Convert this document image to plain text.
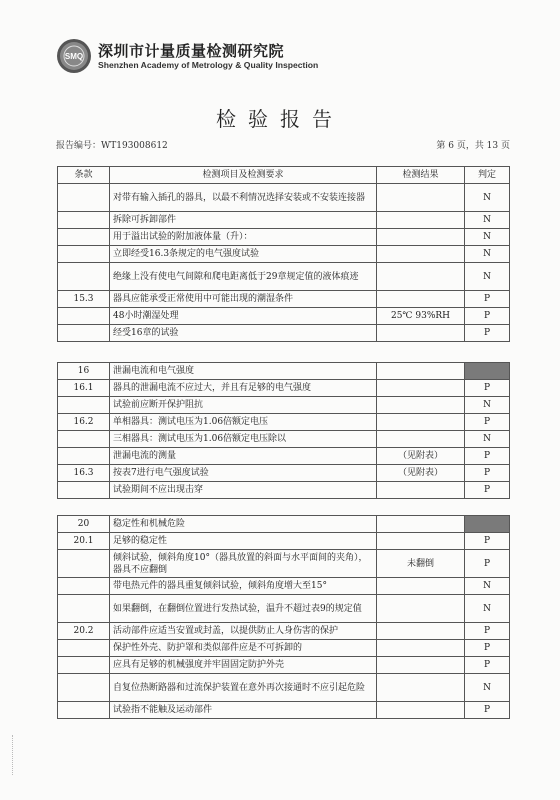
SMQ 深圳市计量质量检测研究院
Shenzhen Academy of Metrology & Quality Inspection
检验报告
报告编号：WT193008612	第 6 页，共 13 页
条款	检测项目及检测要求	检测结果	判定
	对带有输入插孔的器具，以最不利情况选择安装或不安装连接器		N
	拆除可拆卸部件		N
	用于溢出试验的附加液体量（升）：		N
	立即经受16.3条规定的电气强度试验		N
	绝缘上没有使电气间隙和爬电距离低于29章规定值的液体痕迹		N
15.3	器具应能承受正常使用中可能出现的潮湿条件		P
	48小时潮湿处理	25℃ 93%RH	P
	经受16章的试验		P
16	泄漏电流和电气强度		
16.1	器具的泄漏电流不应过大，并且有足够的电气强度		P
	试验前应断开保护阻抗		N
16.2	单相器具：测试电压为1.06倍额定电压		P
	三相器具：测试电压为1.06倍额定电压除以		N
	泄漏电流的测量	（见附表）	P
16.3	按表7进行电气强度试验	（见附表）	P
	试验期间不应出现击穿		P
20	稳定性和机械危险		
20.1	足够的稳定性		P
	倾斜试验，倾斜角度10°（器具放置的斜面与水平面间的夹角），器具不应翻倒	未翻倒	P
	带电热元件的器具重复倾斜试验，倾斜角度增大至15°		N
	如果翻倒，在翻倒位置进行发热试验，温升不超过表9的规定值		N
20.2	活动部件应适当安置或封盖，以提供防止人身伤害的保护		P
	保护性外壳、防护罩和类似部件应是不可拆卸的		P
	应具有足够的机械强度并牢固固定防护外壳		P
	自复位热断路器和过流保护装置在意外再次接通时不应引起危险		N
	试验指不能触及运动部件		P
